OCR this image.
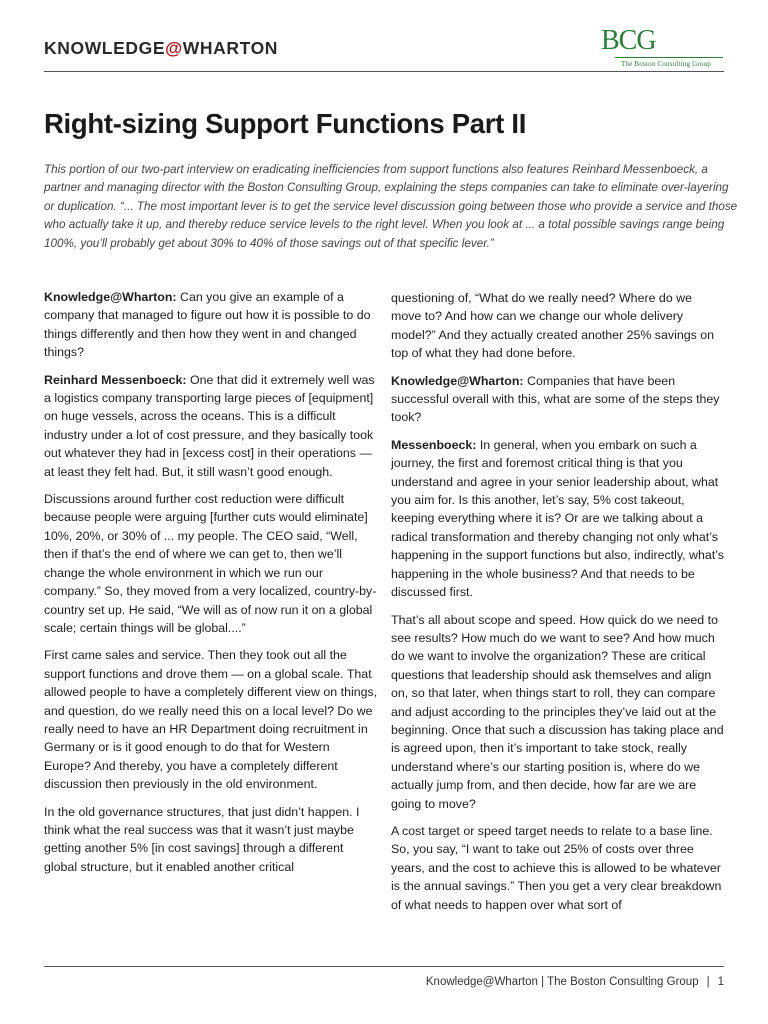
KNOWLEDGE@WHARTON	BCG
The Boston Consulting Group
Right-sizing Support Functions Part II

This portion of our two-part interview on eradicating inefficiencies from support functions also features Reinhard Messenboeck, a partner and managing director with the Boston Consulting Group, explaining the steps companies can take to eliminate over-layering or duplication. “... The most important lever is to get the service level discussion going between those who provide a service and those who actually take it up, and thereby reduce service levels to the right level. When you look at ... a total possible savings range being 100%, you’ll probably get about 30% to 40% of those savings out of that specific lever.”

Knowledge@Wharton: Can you give an example of a company that managed to figure out how it is possible to do things differently and then how they went in and changed things?

Reinhard Messenboeck: One that did it extremely well was a logistics company transporting large pieces of [equipment] on huge vessels, across the oceans. This is a difficult industry under a lot of cost pressure, and they basically took out whatever they had in [excess cost] in their operations — at least they felt had. But, it still wasn’t good enough.

Discussions around further cost reduction were difficult because people were arguing [further cuts would eliminate] 10%, 20%, or 30% of ... my people. The CEO said, “Well, then if that’s the end of where we can get to, then we’ll change the whole environment in which we run our company.” So, they moved from a very localized, country-by-country set up. He said, “We will as of now run it on a global scale; certain things will be global....”

First came sales and service. Then they took out all the support functions and drove them — on a global scale. That allowed people to have a completely different view on things, and question, do we really need this on a local level? Do we really need to have an HR Department doing recruitment in Germany or is it good enough to do that for Western Europe? And thereby, you have a completely different discussion then previously in the old environment.

In the old governance structures, that just didn’t happen. I think what the real success was that it wasn’t just maybe getting another 5% [in cost savings] through a different global structure, but it enabled another critical

questioning of, “What do we really need? Where do we move to? And how can we change our whole delivery model?” And they actually created another 25% savings on top of what they had done before.

Knowledge@Wharton: Companies that have been successful overall with this, what are some of the steps they took?

Messenboeck: In general, when you embark on such a journey, the first and foremost critical thing is that you understand and agree in your senior leadership about, what you aim for. Is this another, let’s say, 5% cost takeout, keeping everything where it is? Or are we talking about a radical transformation and thereby changing not only what’s happening in the support functions but also, indirectly, what’s happening in the whole business? And that needs to be discussed first.

That’s all about scope and speed. How quick do we need to see results? How much do we want to see? And how much do we want to involve the organization? These are critical questions that leadership should ask themselves and align on, so that later, when things start to roll, they can compare and adjust according to the principles they’ve laid out at the beginning. Once that such a discussion has taking place and is agreed upon, then it’s important to take stock, really understand where’s our starting position is, where do we actually jump from, and then decide, how far are we are going to move?

A cost target or speed target needs to relate to a base line. So, you say, “I want to take out 25% of costs over three years, and the cost to achieve this is allowed to be whatever is the annual savings.” Then you get a very clear breakdown of what needs to happen over what sort of

Knowledge@Wharton | The Boston Consulting Group | 1
